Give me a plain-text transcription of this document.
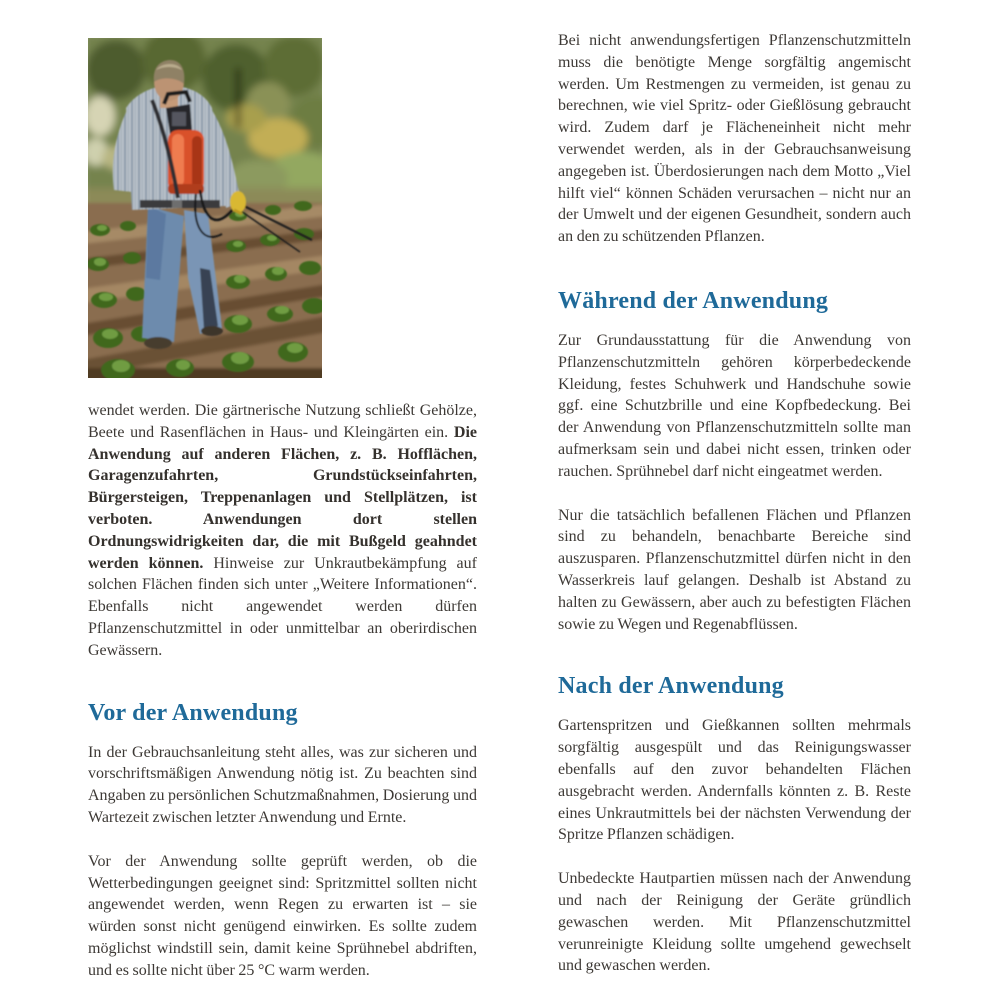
wendet werden. Die gärtnerische Nutzung schließt Gehölze, Beete und Rasenflächen in Haus- und Kleingärten ein. Die Anwendung auf anderen Flächen, z. B. Hofflächen, Garagenzufahrten, Grundstückseinfahrten, Bürgersteigen, Treppenanlagen und Stellplätzen, ist verboten. Anwendungen dort stellen Ordnungswidrigkeiten dar, die mit Bußgeld geahndet werden können. Hinweise zur Unkrautbekämpfung auf solchen Flächen finden sich unter „Weitere Informationen“. Ebenfalls nicht angewendet werden dürfen Pflanzenschutzmittel in oder unmittelbar an oberirdischen Gewässern.

Vor der Anwendung

In der Gebrauchsanleitung steht alles, was zur sicheren und vorschriftsmäßigen Anwendung nötig ist. Zu beachten sind Angaben zu persönlichen Schutzmaßnahmen, Dosierung und Wartezeit zwischen letzter Anwendung und Ernte.

Vor der Anwendung sollte geprüft werden, ob die Wetterbedingungen geeignet sind: Spritzmittel sollten nicht angewendet werden, wenn Regen zu erwarten ist – sie würden sonst nicht genügend einwirken. Es sollte zudem möglichst windstill sein, damit keine Sprühnebel abdriften, und es sollte nicht über 25 °C warm werden.

Bei nicht anwendungsfertigen Pflanzenschutzmitteln muss die benötigte Menge sorgfältig angemischt werden. Um Restmengen zu vermeiden, ist genau zu berechnen, wie viel Spritz- oder Gießlösung gebraucht wird. Zudem darf je Flächeneinheit nicht mehr verwendet werden, als in der Gebrauchsanweisung angegeben ist. Überdosierungen nach dem Motto „Viel hilft viel“ können Schäden verursachen – nicht nur an der Umwelt und der eigenen Gesundheit, sondern auch an den zu schützenden Pflanzen.

Während der Anwendung

Zur Grundausstattung für die Anwendung von Pflanzenschutzmitteln gehören körperbedeckende Kleidung, festes Schuhwerk und Handschuhe sowie ggf. eine Schutzbrille und eine Kopfbedeckung. Bei der Anwendung von Pflanzenschutzmitteln sollte man aufmerksam sein und dabei nicht essen, trinken oder rauchen. Sprühnebel darf nicht eingeatmet werden.

Nur die tatsächlich befallenen Flächen und Pflanzen sind zu behandeln, benachbarte Bereiche sind auszusparen. Pflanzenschutzmittel dürfen nicht in den Wasserkreis lauf gelangen. Deshalb ist Abstand zu halten zu Gewässern, aber auch zu befestigten Flächen sowie zu Wegen und Regenabflüssen.

Nach der Anwendung

Gartenspritzen und Gießkannen sollten mehrmals sorgfältig ausgespült und das Reinigungswasser ebenfalls auf den zuvor behandelten Flächen ausgebracht werden. Andernfalls könnten z. B. Reste eines Unkrautmittels bei der nächsten Verwendung der Spritze Pflanzen schädigen.

Unbedeckte Hautpartien müssen nach der Anwendung und nach der Reinigung der Geräte gründlich gewaschen werden. Mit Pflanzenschutzmittel verunreinigte Kleidung sollte umgehend gewechselt und gewaschen werden.
